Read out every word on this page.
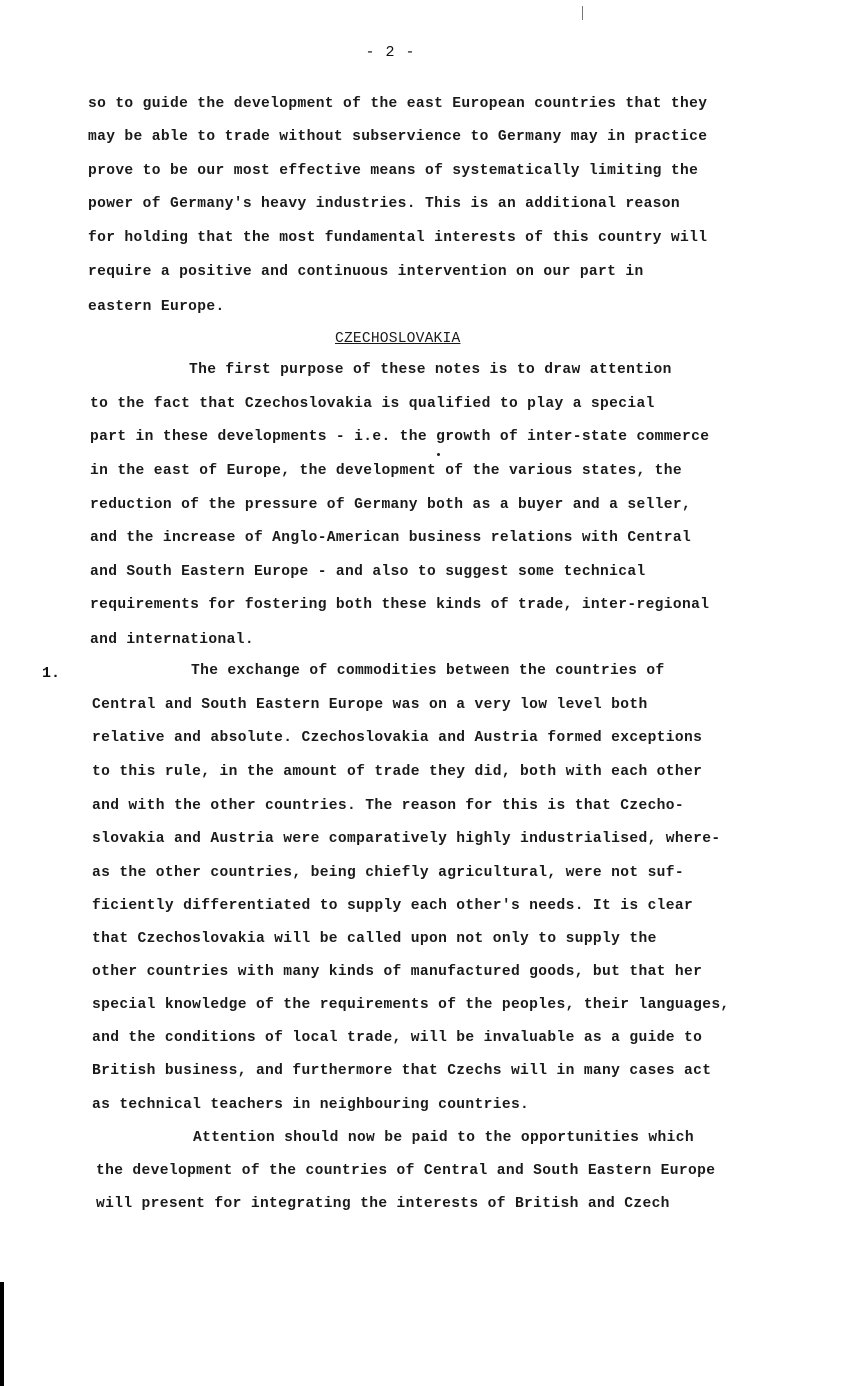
- 2 -
so to guide the development of the east European countries that they
may be able to trade without subservience to Germany may in practice
prove to be our most effective means of systematically limiting the
power of Germany's heavy industries. This is an additional reason
for holding that the most fundamental interests of this country will
require a positive and continuous intervention on our part in
eastern Europe.
CZECHOSLOVAKIA
The first purpose of these notes is to draw attention
to the fact that Czechoslovakia is qualified to play a special
part in these developments - i.e. the growth of inter-state commerce
in the east of Europe, the development of the various states, the
reduction of the pressure of Germany both as a buyer and a seller,
and the increase of Anglo-American business relations with Central
and South Eastern Europe - and also to suggest some technical
requirements for fostering both these kinds of trade, inter-regional
and international.
1.	The exchange of commodities between the countries of
Central and South Eastern Europe was on a very low level both
relative and absolute. Czechoslovakia and Austria formed exceptions
to this rule, in the amount of trade they did, both with each other
and with the other countries. The reason for this is that Czecho-
slovakia and Austria were comparatively highly industrialised, where-
as the other countries, being chiefly agricultural, were not suf-
ficiently differentiated to supply each other's needs. It is clear
that Czechoslovakia will be called upon not only to supply the
other countries with many kinds of manufactured goods, but that her
special knowledge of the requirements of the peoples, their languages,
and the conditions of local trade, will be invaluable as a guide to
British business, and furthermore that Czechs will in many cases act
as technical teachers in neighbouring countries.
Attention should now be paid to the opportunities which
the development of the countries of Central and South Eastern Europe
will present for integrating the interests of British and Czech
